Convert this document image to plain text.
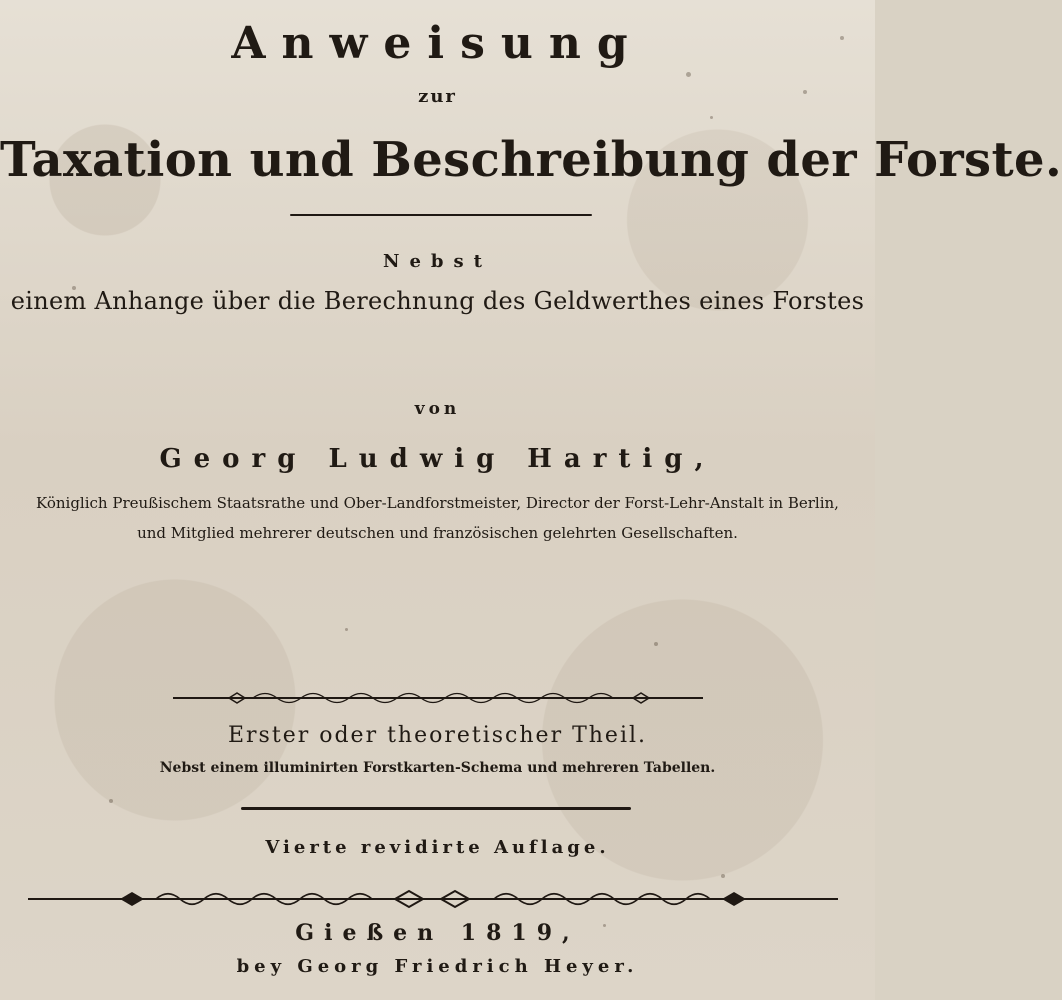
Anweisung
zur
Taxation und Beschreibung der Forste.
Nebst
einem Anhange über die Berechnung des Geldwerthes eines Forstes
von
Georg Ludwig Hartig,
Königlich Preußischem Staatsrathe und Ober-Landforstmeister, Director der Forst-Lehr-Anstalt in Berlin,
und Mitglied mehrerer deutschen und französischen gelehrten Gesellschaften.
Erster oder theoretischer Theil.
Nebst einem illuminirten Forstkarten-Schema und mehreren Tabellen.
Vierte revidirte Auflage.
Gießen 1819,
bey Georg Friedrich Heyer.
